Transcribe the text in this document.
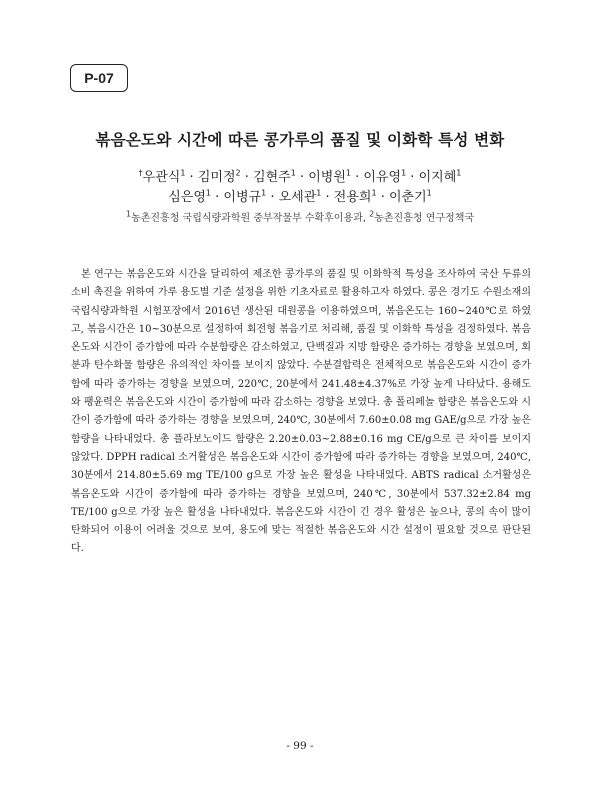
P-07
볶음온도와 시간에 따른 콩가루의 품질 및 이화학 특성 변화
†우관식$^1$ · 김미정$^2$ · 김현주$^1$ · 이병원$^1$ · 이유영$^1$ · 이지혜$^1$
심은영$^1$ · 이병규$^1$ · 오세관$^1$ · 전용희$^1$ · 이춘기$^1$
$^1$농촌진흥청 국립식량과학원 중부작물부 수확후이용과, $^2$농촌진흥청 연구정책국

본 연구는 볶음온도와 시간을 달리하여 제조한 콩가루의 품질 및 이화학적 특성을 조사하여 국산 두류의 소비 촉진을 위하여 가루 용도별 기준 설정을 위한 기초자료로 활용하고자 하였다. 콩은 경기도 수원소재의 국립식량과학원 시험포장에서 2016년 생산된 대원콩을 이용하였으며, 볶음온도는 160~240℃로 하였고, 볶음시간은 10~30분으로 설정하여 회전형 볶음기로 처리해, 품질 및 이화학 특성을 검정하였다. 볶음온도와 시간이 증가함에 따라 수분함량은 감소하였고, 단백질과 지방 함량은 증가하는 경향을 보였으며, 회분과 탄수화물 함량은 유의적인 차이를 보이지 않았다. 수분결합력은 전체적으로 볶음온도와 시간이 증가함에 따라 증가하는 경향을 보였으며, 220℃, 20분에서 241.48±4.37%로 가장 높게 나타났다. 용해도와 팽윤력은 볶음온도와 시간이 증가함에 따라 감소하는 경향을 보였다. 총 폴리페놀 함량은 볶음온도와 시간이 증가함에 따라 증가하는 경향을 보였으며, 240℃, 30분에서 7.60±0.08 mg GAE/g으로 가장 높은 함량을 나타내었다. 총 플라보노이드 함량은 2.20±0.03~2.88±0.16 mg CE/g으로 큰 차이를 보이지 않았다. DPPH radical 소거활성은 볶음온도와 시간이 증가함에 따라 증가하는 경향을 보였으며, 240℃, 30분에서 214.80±5.69 mg TE/100 g으로 가장 높은 활성을 나타내었다. ABTS radical 소거활성은 볶음온도와 시간이 증가함에 따라 증가하는 경향을 보였으며, 240℃, 30분에서 537.32±2.84 mg TE/100 g으로 가장 높은 활성을 나타내었다. 볶음온도와 시간이 긴 경우 활성은 높으나, 콩의 속이 많이 탄화되어 이용이 어려울 것으로 보여, 용도에 맞는 적절한 볶음온도와 시간 설정이 필요할 것으로 판단된다.

- 99 -
